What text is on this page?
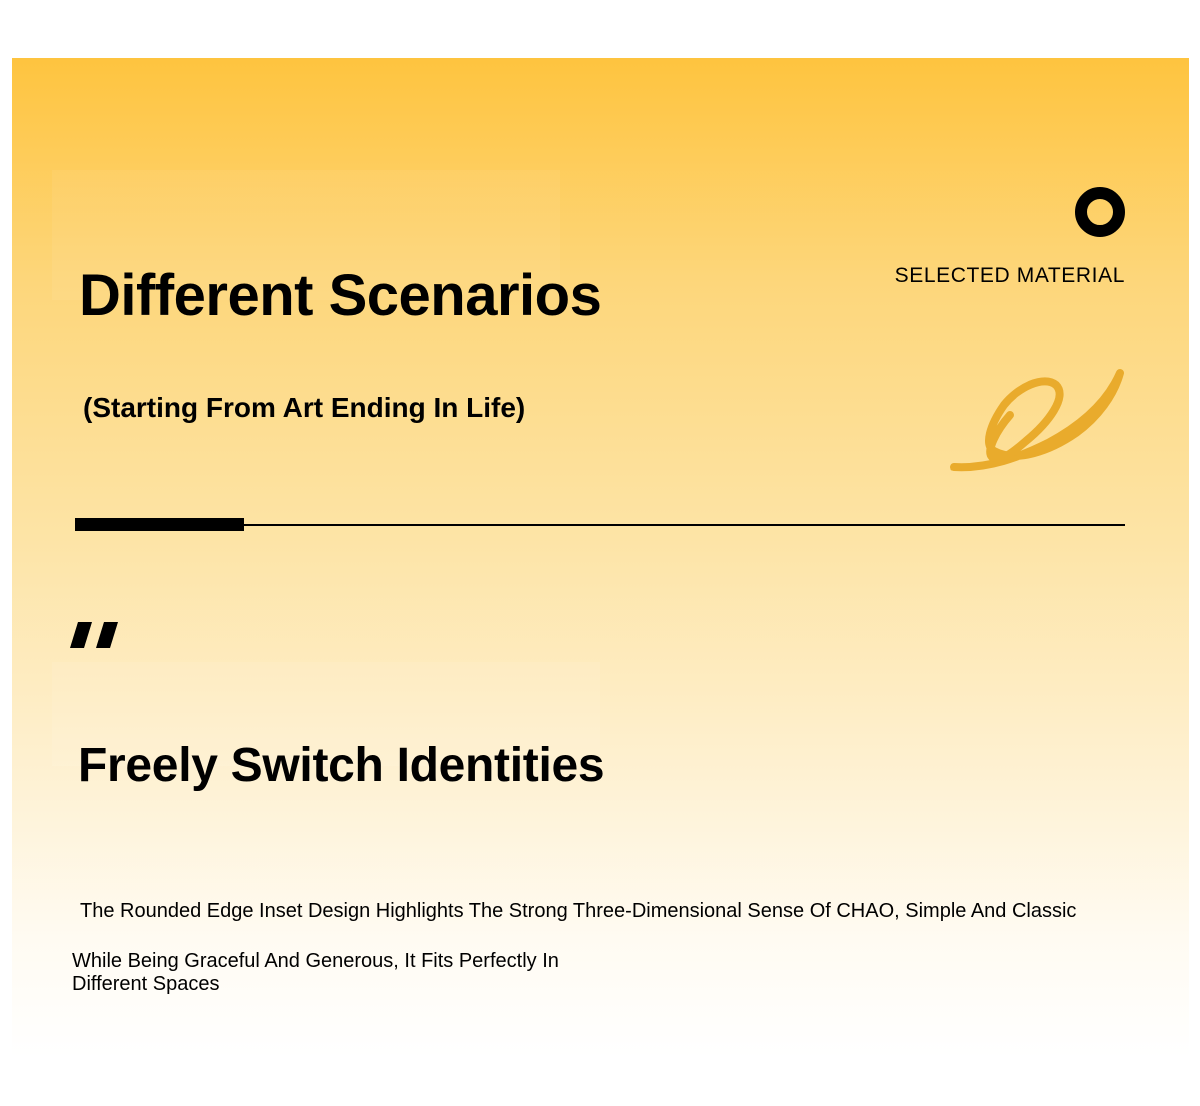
Different Scenarios

(Starting From Art Ending In Life)

SELECTED MATERIAL
Freely Switch Identities

The Rounded Edge Inset Design Highlights The Strong Three-Dimensional Sense Of CHAO, Simple And Classic

While Being Graceful And Generous, It Fits Perfectly In
Different Spaces
